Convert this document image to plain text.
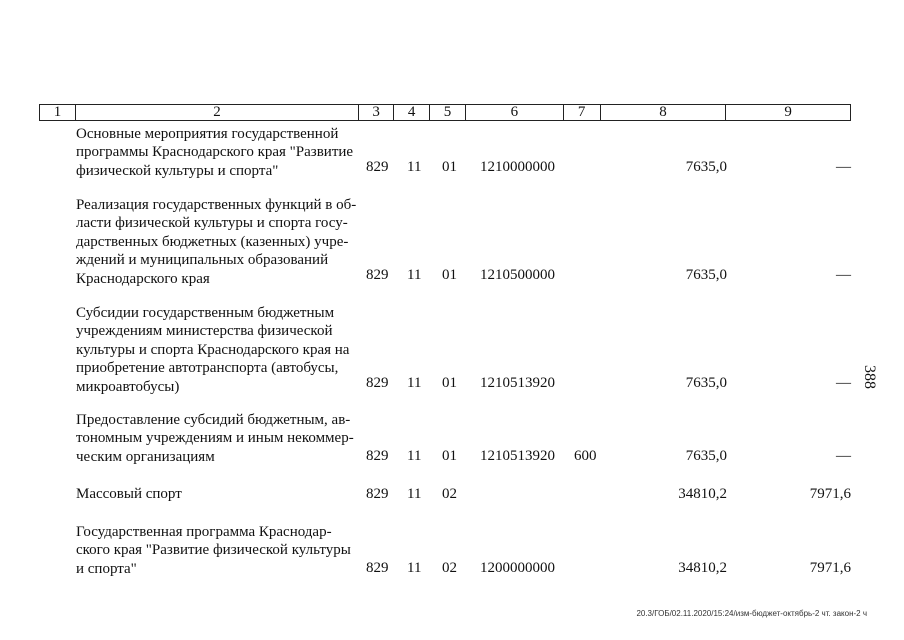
1	2	3	4	5	6	7	8	9
Основные мероприятия государственной
программы Краснодарского края "Развитие
физической культуры и спорта"	829 11 01 1210000000	7635,0	—
Реализация государственных функций в об-
ласти физической культуры и спорта госу-
дарственных бюджетных (казенных) учре-
ждений и муниципальных образований
Краснодарского края	829 11 01 1210500000	7635,0	—
Субсидии государственным бюджетным
учреждениям министерства физической
культуры и спорта Краснодарского края на
приобретение автотранспорта (автобусы,
микроавтобусы)	829 11 01 1210513920	7635,0	—
Предоставление субсидий бюджетным, ав-
тономным учреждениям и иным некоммер-
ческим организациям	829 11 01 1210513920 600	7635,0	—
Массовый спорт	829 11 02	34810,2	7971,6
Государственная программа Краснодар-
ского края "Развитие физической культуры
и спорта"	829 11 02 1200000000	34810,2	7971,6
388
20.3/ГОБ/02.11.2020/15:24/изм-бюджет-октябрь-2 чт. закон-2 ч
